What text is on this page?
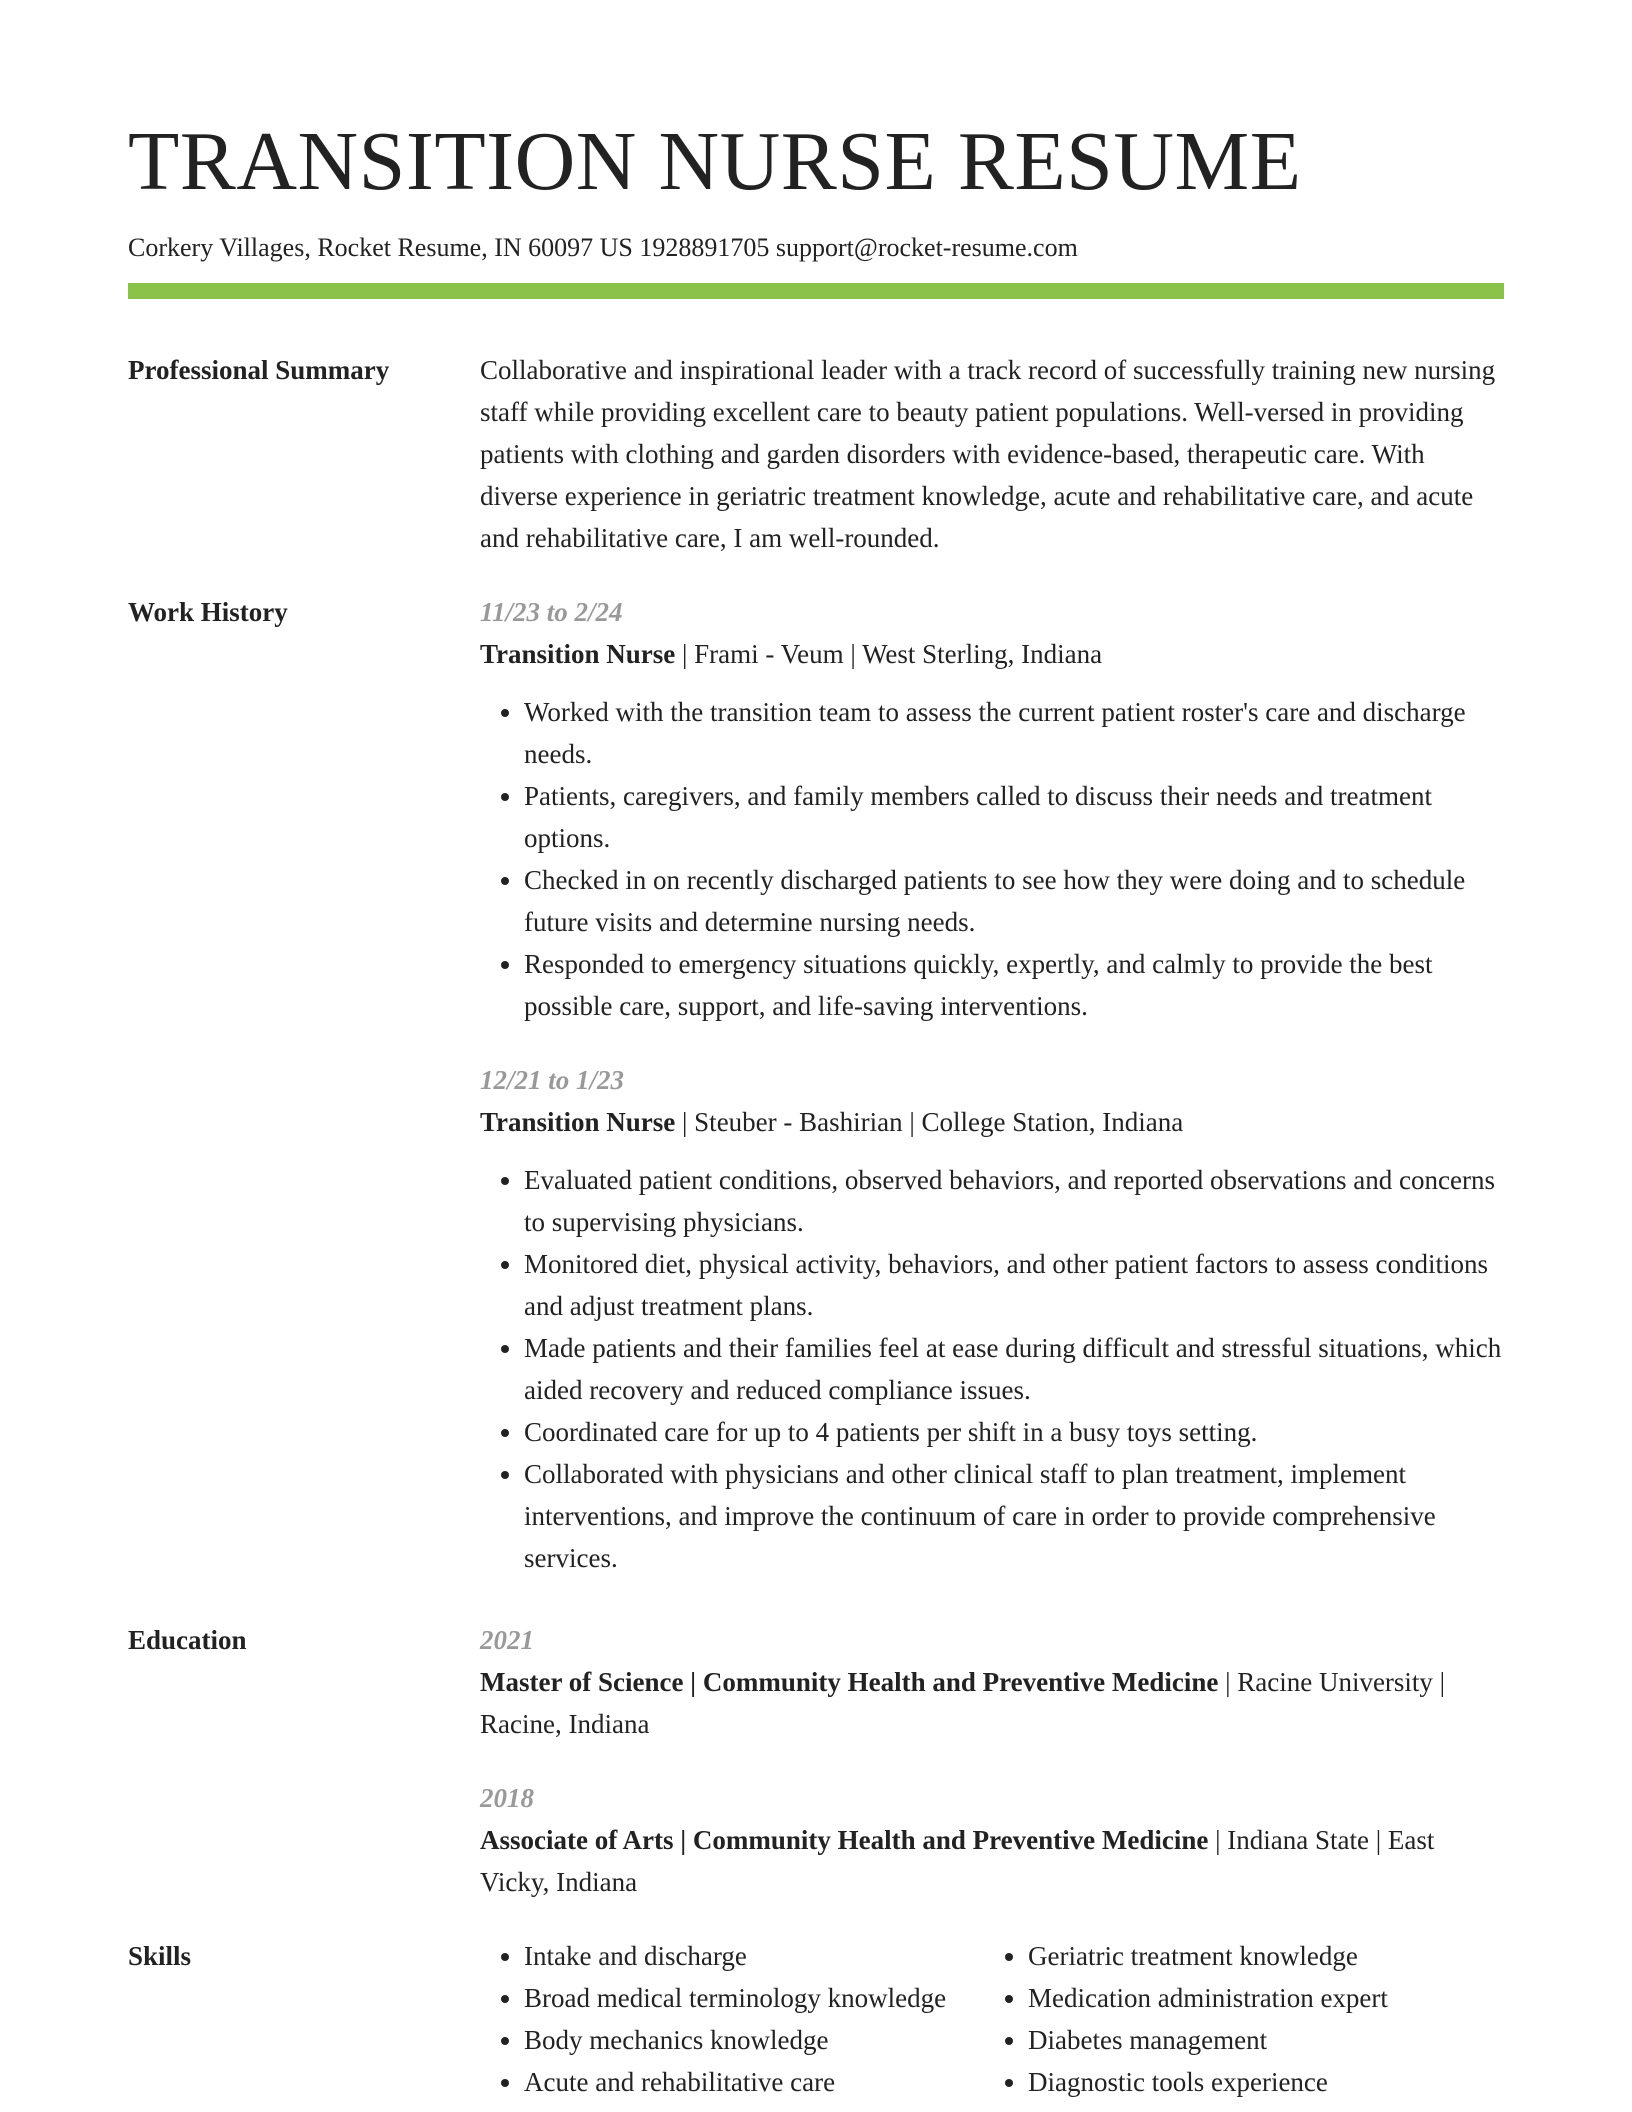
TRANSITION NURSE RESUME
Corkery Villages, Rocket Resume, IN 60097 US 1928891705 support@rocket-resume.com
Professional Summary	Collaborative and inspirational leader with a track record of successfully training new nursing staff while providing excellent care to beauty patient populations. Well-versed in providing patients with clothing and garden disorders with evidence-based, therapeutic care. With diverse experience in geriatric treatment knowledge, acute and rehabilitative care, and acute and rehabilitative care, I am well-rounded.
Work History	11/23 to 2/24
Transition Nurse | Frami - Veum | West Sterling, Indiana
• Worked with the transition team to assess the current patient roster's care and discharge needs.
• Patients, caregivers, and family members called to discuss their needs and treatment options.
• Checked in on recently discharged patients to see how they were doing and to schedule future visits and determine nursing needs.
• Responded to emergency situations quickly, expertly, and calmly to provide the best possible care, support, and life-saving interventions.
12/21 to 1/23
Transition Nurse | Steuber - Bashirian | College Station, Indiana
• Evaluated patient conditions, observed behaviors, and reported observations and concerns to supervising physicians.
• Monitored diet, physical activity, behaviors, and other patient factors to assess conditions and adjust treatment plans.
• Made patients and their families feel at ease during difficult and stressful situations, which aided recovery and reduced compliance issues.
• Coordinated care for up to 4 patients per shift in a busy toys setting.
• Collaborated with physicians and other clinical staff to plan treatment, implement interventions, and improve the continuum of care in order to provide comprehensive services.
Education	2021
Master of Science | Community Health and Preventive Medicine | Racine University | Racine, Indiana
2018
Associate of Arts | Community Health and Preventive Medicine | Indiana State | East Vicky, Indiana
Skills
•	Intake and discharge
• Broad medical terminology knowledge
• Body mechanics knowledge
• Acute and rehabilitative care
• Geriatric treatment knowledge
• Medication administration expert
• Diabetes management
• Diagnostic tools experience
